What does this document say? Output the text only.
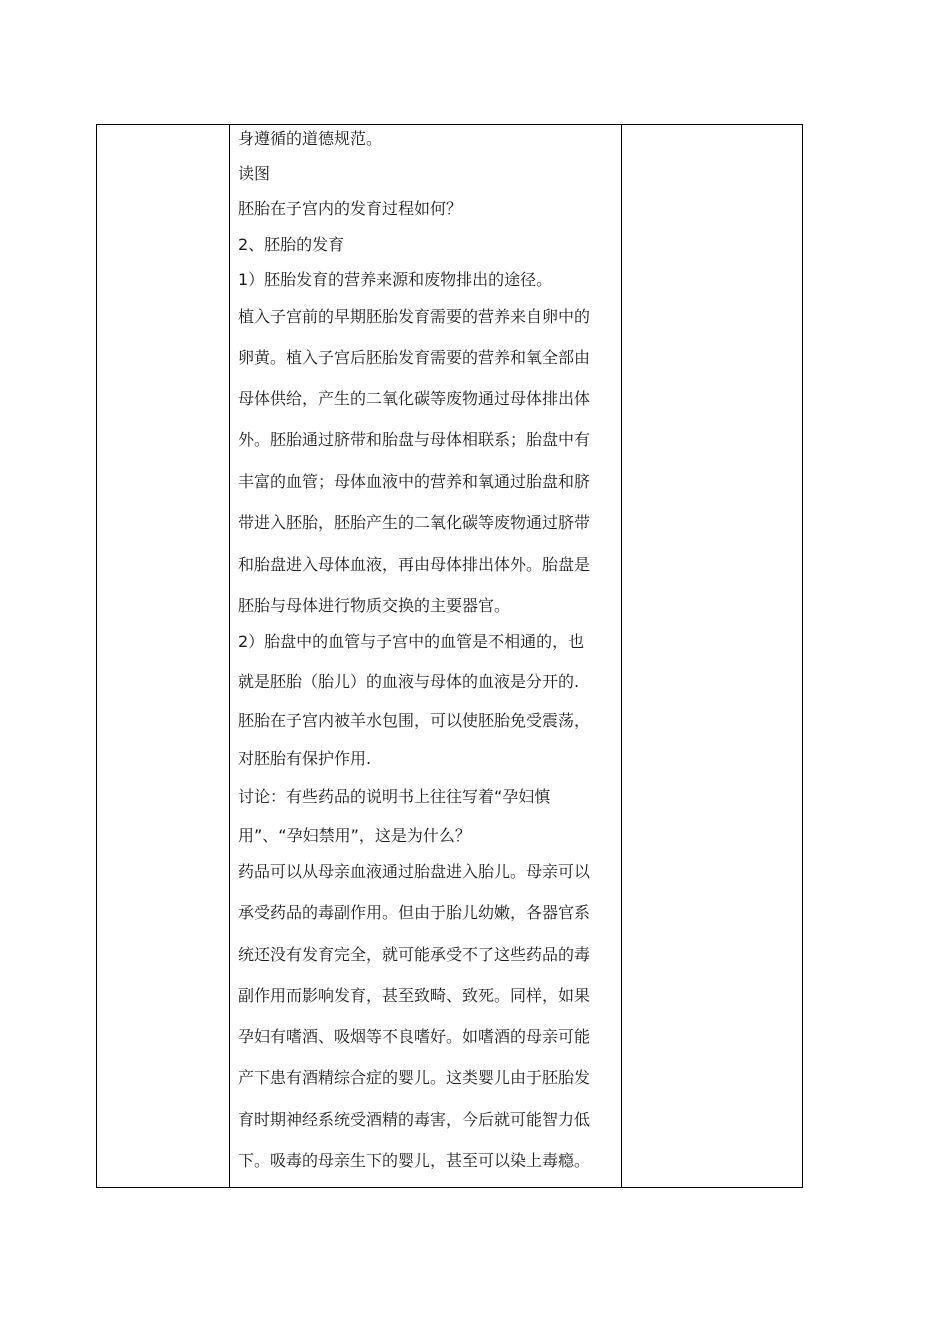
身遵循的道德规范。
读图
胚胎在子宫内的发育过程如何？
2、胚胎的发育
1）胚胎发育的营养来源和废物排出的途径。
植入子宫前的早期胚胎发育需要的营养来自卵中的
卵黄。植入子宫后胚胎发育需要的营养和氧全部由
母体供给，产生的二氧化碳等废物通过母体排出体
外。胚胎通过脐带和胎盘与母体相联系；胎盘中有
丰富的血管；母体血液中的营养和氧通过胎盘和脐
带进入胚胎，胚胎产生的二氧化碳等废物通过脐带
和胎盘进入母体血液，再由母体排出体外。胎盘是
胚胎与母体进行物质交换的主要器官。
2）胎盘中的血管与子宫中的血管是不相通的，也
就是胚胎（胎儿）的血液与母体的血液是分开的.
胚胎在子宫内被羊水包围，可以使胚胎免受震荡，
对胚胎有保护作用.
讨论：有些药品的说明书上往往写着“孕妇慎
用”、“孕妇禁用”，这是为什么？
药品可以从母亲血液通过胎盘进入胎儿。母亲可以
承受药品的毒副作用。但由于胎儿幼嫩，各器官系
统还没有发育完全，就可能承受不了这些药品的毒
副作用而影响发育，甚至致畸、致死。同样，如果
孕妇有嗜酒、吸烟等不良嗜好。如嗜酒的母亲可能
产下患有酒精综合症的婴儿。这类婴儿由于胚胎发
育时期神经系统受酒精的毒害，今后就可能智力低
下。吸毒的母亲生下的婴儿，甚至可以染上毒瘾。
